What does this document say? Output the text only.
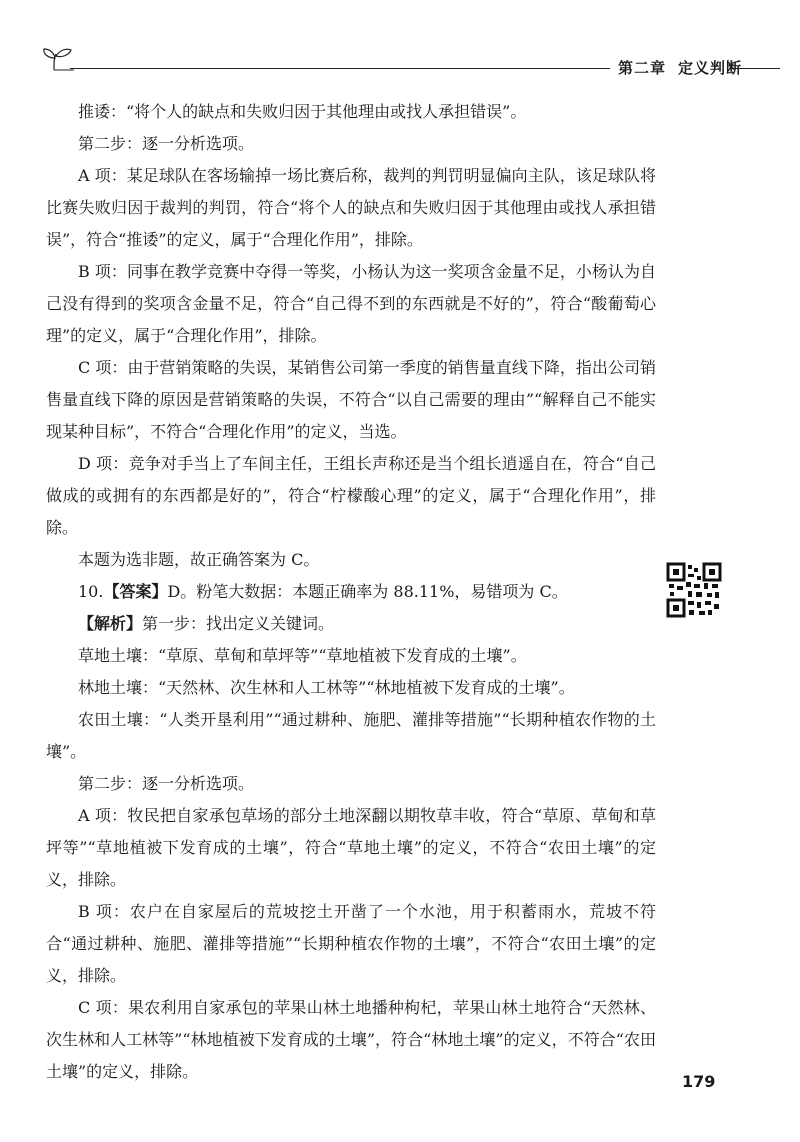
第二章 定义判断

推诿：“将个人的缺点和失败归因于其他理由或找人承担错误”。

第二步：逐一分析选项。

A 项：某足球队在客场输掉一场比赛后称，裁判的判罚明显偏向主队，该足球队将比赛失败归因于裁判的判罚，符合“将个人的缺点和失败归因于其他理由或找人承担错误”，符合“推诿”的定义，属于“合理化作用”，排除。

B 项：同事在教学竞赛中夺得一等奖，小杨认为这一奖项含金量不足，小杨认为自己没有得到的奖项含金量不足，符合“自己得不到的东西就是不好的”，符合“酸葡萄心理”的定义，属于“合理化作用”，排除。

C 项：由于营销策略的失误，某销售公司第一季度的销售量直线下降，指出公司销售量直线下降的原因是营销策略的失误，不符合“以自己需要的理由”“解释自己不能实现某种目标”，不符合“合理化作用”的定义，当选。

D 项：竞争对手当上了车间主任，王组长声称还是当个组长逍遥自在，符合“自己做成的或拥有的东西都是好的”，符合“柠檬酸心理”的定义，属于“合理化作用”，排除。

本题为选非题，故正确答案为 C。

10.【答案】D。粉笔大数据：本题正确率为 88.11%，易错项为 C。

【解析】第一步：找出定义关键词。

草地土壤：“草原、草甸和草坪等”“草地植被下发育成的土壤”。

林地土壤：“天然林、次生林和人工林等”“林地植被下发育成的土壤”。

农田土壤：“人类开垦利用”“通过耕种、施肥、灌排等措施”“长期种植农作物的土壤”。

第二步：逐一分析选项。

A 项：牧民把自家承包草场的部分土地深翻以期牧草丰收，符合“草原、草甸和草坪等”“草地植被下发育成的土壤”，符合“草地土壤”的定义，不符合“农田土壤”的定义，排除。

B 项：农户在自家屋后的荒坡挖土开凿了一个水池，用于积蓄雨水，荒坡不符合“通过耕种、施肥、灌排等措施”“长期种植农作物的土壤”，不符合“农田土壤”的定义，排除。

C 项：果农利用自家承包的苹果山林土地播种枸杞，苹果山林土地符合“天然林、次生林和人工林等”“林地植被下发育成的土壤”，符合“林地土壤”的定义，不符合“农田土壤”的定义，排除。

179
